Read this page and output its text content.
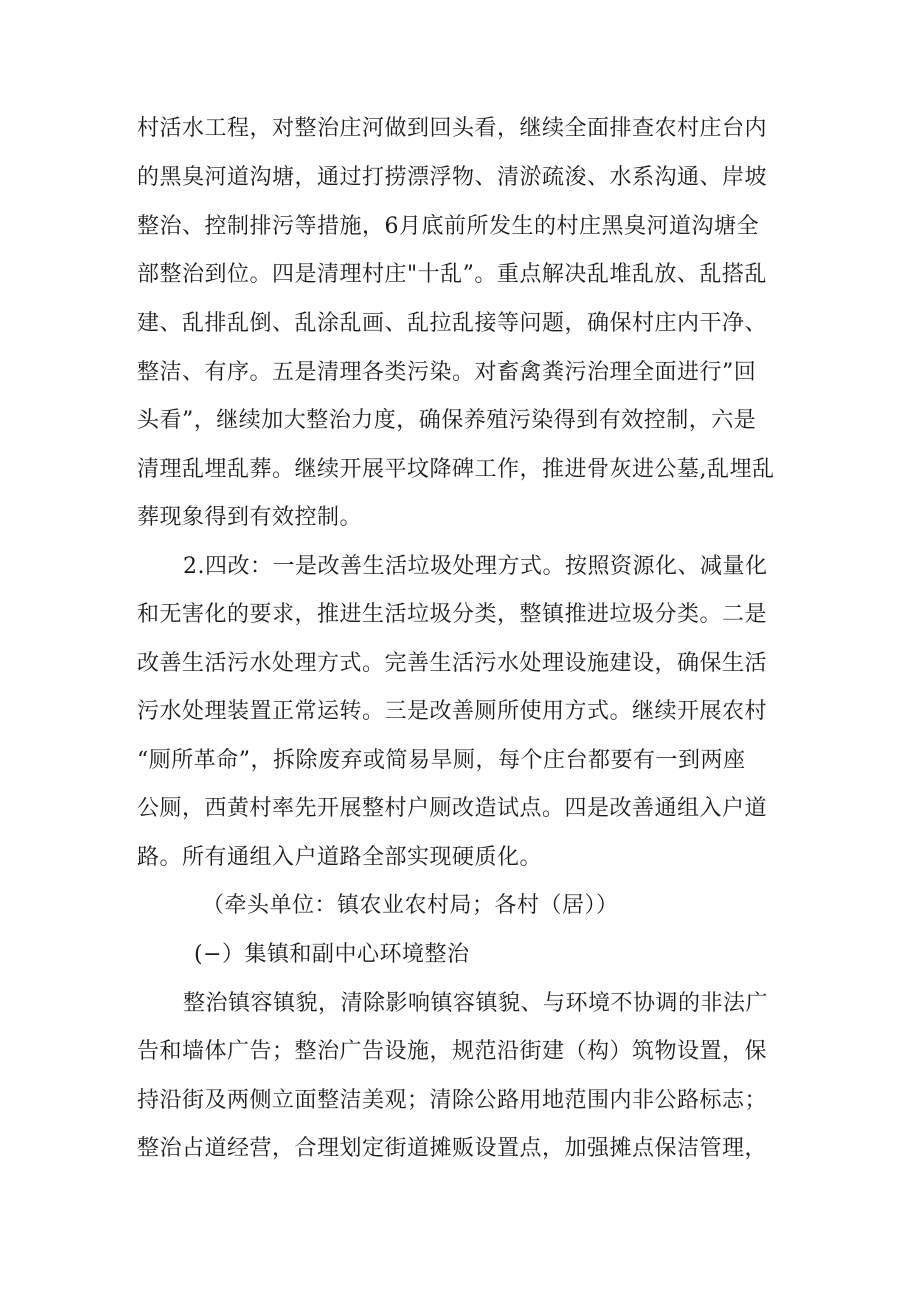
村活水工程，对整治庄河做到回头看，继续全面排查农村庄台内
的黑臭河道沟塘，通过打捞漂浮物、清淤疏浚、水系沟通、岸坡
整治、控制排污等措施，6月底前所发生的村庄黑臭河道沟塘全
部整治到位。四是清理村庄"十乱”。重点解决乱堆乱放、乱搭乱
建、乱排乱倒、乱涂乱画、乱拉乱接等问题，确保村庄内干净、
整洁、有序。五是清理各类污染。对畜禽粪污治理全面进行”回
头看”，继续加大整治力度，确保养殖污染得到有效控制，六是
清理乱埋乱葬。继续开展平坟降碑工作，推进骨灰进公墓,乱埋乱
葬现象得到有效控制。
2.四改：一是改善生活垃圾处理方式。按照资源化、减量化
和无害化的要求，推进生活垃圾分类，整镇推进垃圾分类。二是
改善生活污水处理方式。完善生活污水处理设施建设，确保生活
污水处理装置正常运转。三是改善厕所使用方式。继续开展农村
“厕所革命”，拆除废弃或简易旱厕，每个庄台都要有一到两座
公厕，西黄村率先开展整村户厕改造试点。四是改善通组入户道
路。所有通组入户道路全部实现硬质化。
（牵头单位：镇农业农村局；各村（居））
(−）集镇和副中心环境整治
整治镇容镇貌，清除影响镇容镇貌、与环境不协调的非法广
告和墙体广告；整治广告设施，规范沿街建（构）筑物设置，保
持沿街及两侧立面整洁美观；清除公路用地范围内非公路标志；
整治占道经营，合理划定街道摊贩设置点，加强摊点保洁管理，
